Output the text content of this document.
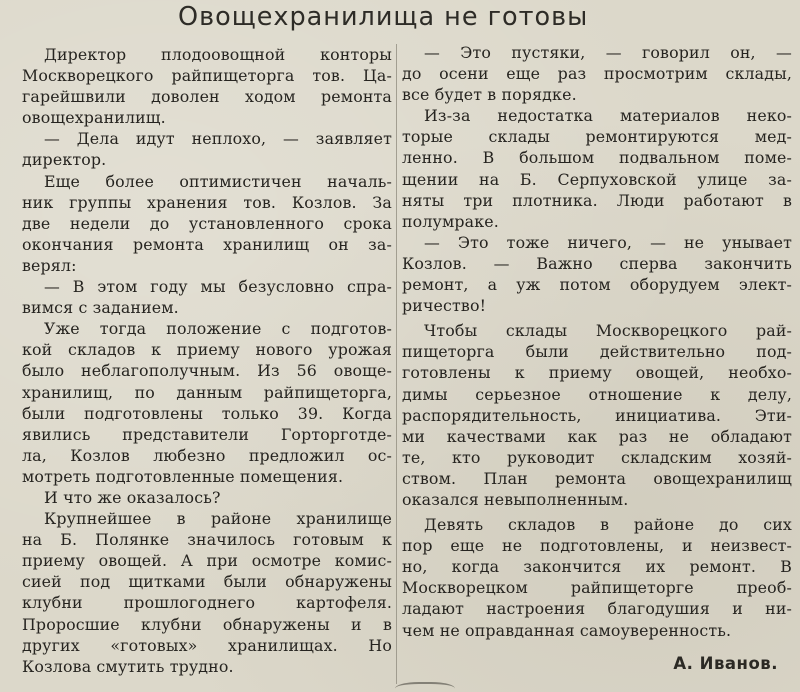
Овощехранилища не готовы

Директор плодоовощной конторы

Москворецкого райпищеторга тов. Ца-

гарейшвили доволен ходом ремонта

овощехранилищ.

— Дела идут неплохо, — заявляет

директор.

Еще более оптимистичен началь-

ник группы хранения тов. Козлов. За

две недели до установленного срока

окончания ремонта хранилищ он за-

верял:

— В этом году мы безусловно спра-

вимся с заданием.

Уже тогда положение с подготов-

кой складов к приему нового урожая

было неблагополучным. Из 56 овоще-

хранилищ, по данным райпищеторга,

были подготовлены только 39. Когда

явились представители Горторготде-

ла, Козлов любезно предложил ос-

мотреть подготовленные помещения.

И что же оказалось?

Крупнейшее в районе хранилище

на Б. Полянке значилось готовым к

приему овощей. А при осмотре комис-

сией под щитками были обнаружены

клубни прошлогоднего картофеля.

Проросшие клубни обнаружены и в

других «готовых» хранилищах. Но

Козлова смутить трудно.

— Это пустяки, — говорил он, —

до осени еще раз просмотрим склады,

все будет в порядке.

Из-за недостатка материалов неко-

торые склады ремонтируются мед-

ленно. В большом подвальном поме-

щении на Б. Серпуховской улице за-

няты три плотника. Люди работают в

полумраке.

— Это тоже ничего, — не унывает

Козлов. — Важно сперва закончить

ремонт, а уж потом оборудуем элект-

ричество!

Чтобы склады Москворецкого рай-

пищеторга были действительно под-

готовлены к приему овощей, необхо-

димы серьезное отношение к делу,

распорядительность, инициатива. Эти-

ми качествами как раз не обладают

те, кто руководит складским хозяй-

ством. План ремонта овощехранилищ

оказался невыполненным.

Девять складов в районе до сих

пор еще не подготовлены, и неизвест-

но, когда закончится их ремонт. В

Москворецком райпищеторге преоб-

ладают настроения благодушия и ни-

чем не оправданная самоуверенность.

А. Иванов.
